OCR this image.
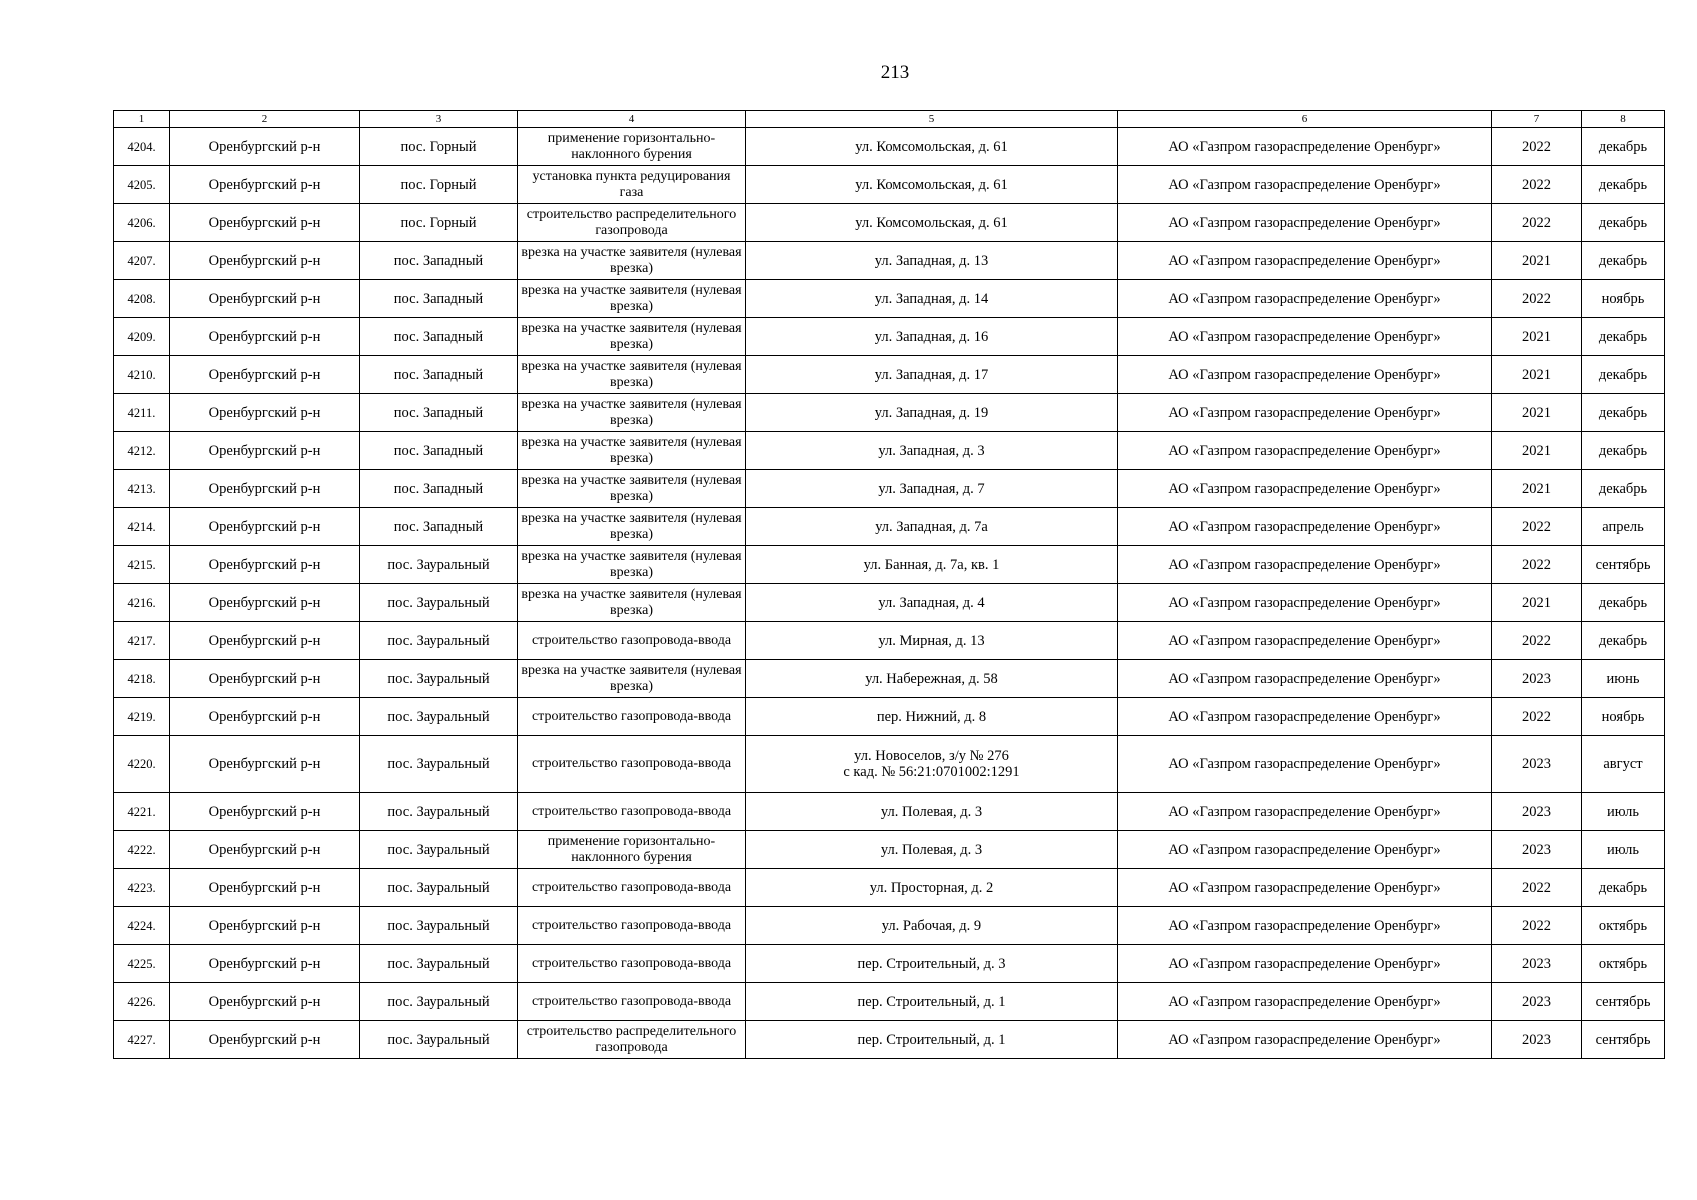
213
1	2	3	4	5	6	7	8
4204.	Оренбургский р-н	пос. Горный	применение горизонтально-наклонного бурения	ул. Комсомольская, д. 61	АО «Газпром газораспределение Оренбург»	2022	декабрь
4205.	Оренбургский р-н	пос. Горный	установка пункта редуцирования газа	ул. Комсомольская, д. 61	АО «Газпром газораспределение Оренбург»	2022	декабрь
4206.	Оренбургский р-н	пос. Горный	строительство распределительного газопровода	ул. Комсомольская, д. 61	АО «Газпром газораспределение Оренбург»	2022	декабрь
4207.	Оренбургский р-н	пос. Западный	врезка на участке заявителя (нулевая врезка)	ул. Западная, д. 13	АО «Газпром газораспределение Оренбург»	2021	декабрь
4208.	Оренбургский р-н	пос. Западный	врезка на участке заявителя (нулевая врезка)	ул. Западная, д. 14	АО «Газпром газораспределение Оренбург»	2022	ноябрь
4209.	Оренбургский р-н	пос. Западный	врезка на участке заявителя (нулевая врезка)	ул. Западная, д. 16	АО «Газпром газораспределение Оренбург»	2021	декабрь
4210.	Оренбургский р-н	пос. Западный	врезка на участке заявителя (нулевая врезка)	ул. Западная, д. 17	АО «Газпром газораспределение Оренбург»	2021	декабрь
4211.	Оренбургский р-н	пос. Западный	врезка на участке заявителя (нулевая врезка)	ул. Западная, д. 19	АО «Газпром газораспределение Оренбург»	2021	декабрь
4212.	Оренбургский р-н	пос. Западный	врезка на участке заявителя (нулевая врезка)	ул. Западная, д. 3	АО «Газпром газораспределение Оренбург»	2021	декабрь
4213.	Оренбургский р-н	пос. Западный	врезка на участке заявителя (нулевая врезка)	ул. Западная, д. 7	АО «Газпром газораспределение Оренбург»	2021	декабрь
4214.	Оренбургский р-н	пос. Западный	врезка на участке заявителя (нулевая врезка)	ул. Западная, д. 7а	АО «Газпром газораспределение Оренбург»	2022	апрель
4215.	Оренбургский р-н	пос. Зауральный	врезка на участке заявителя (нулевая врезка)	ул. Банная, д. 7а, кв. 1	АО «Газпром газораспределение Оренбург»	2022	сентябрь
4216.	Оренбургский р-н	пос. Зауральный	врезка на участке заявителя (нулевая врезка)	ул. Западная, д. 4	АО «Газпром газораспределение Оренбург»	2021	декабрь
4217.	Оренбургский р-н	пос. Зауральный	строительство газопровода-ввода	ул. Мирная, д. 13	АО «Газпром газораспределение Оренбург»	2022	декабрь
4218.	Оренбургский р-н	пос. Зауральный	врезка на участке заявителя (нулевая врезка)	ул. Набережная, д. 58	АО «Газпром газораспределение Оренбург»	2023	июнь
4219.	Оренбургский р-н	пос. Зауральный	строительство газопровода-ввода	пер. Нижний, д. 8	АО «Газпром газораспределение Оренбург»	2022	ноябрь
4220.	Оренбургский р-н	пос. Зауральный	строительство газопровода-ввода	ул. Новоселов, з/у № 276
с кад. № 56:21:0701002:1291	АО «Газпром газораспределение Оренбург»	2023	август
4221.	Оренбургский р-н	пос. Зауральный	строительство газопровода-ввода	ул. Полевая, д. 3	АО «Газпром газораспределение Оренбург»	2023	июль
4222.	Оренбургский р-н	пос. Зауральный	применение горизонтально-наклонного бурения	ул. Полевая, д. 3	АО «Газпром газораспределение Оренбург»	2023	июль
4223.	Оренбургский р-н	пос. Зауральный	строительство газопровода-ввода	ул. Просторная, д. 2	АО «Газпром газораспределение Оренбург»	2022	декабрь
4224.	Оренбургский р-н	пос. Зауральный	строительство газопровода-ввода	ул. Рабочая, д. 9	АО «Газпром газораспределение Оренбург»	2022	октябрь
4225.	Оренбургский р-н	пос. Зауральный	строительство газопровода-ввода	пер. Строительный, д. 3	АО «Газпром газораспределение Оренбург»	2023	октябрь
4226.	Оренбургский р-н	пос. Зауральный	строительство газопровода-ввода	пер. Строительный, д. 1	АО «Газпром газораспределение Оренбург»	2023	сентябрь
4227.	Оренбургский р-н	пос. Зауральный	строительство распределительного газопровода	пер. Строительный, д. 1	АО «Газпром газораспределение Оренбург»	2023	сентябрь
